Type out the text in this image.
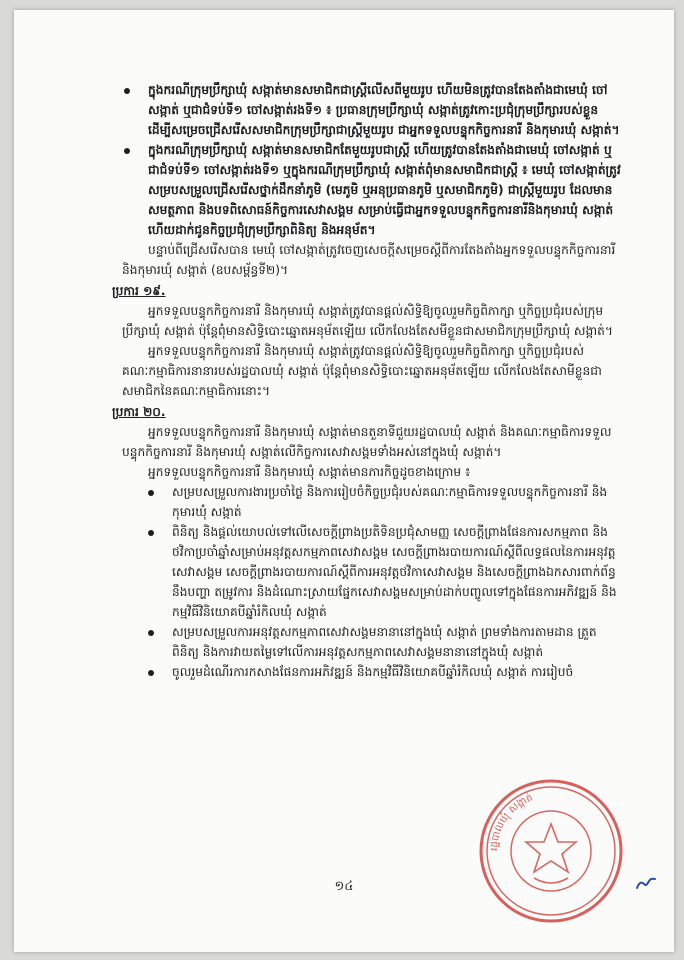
ក្នុងករណីក្រុមប្រឹក្សាឃុំ សង្កាត់មានសមាជិកជាស្ត្រីលើសពីមួយរូប ហើយមិនត្រូវបានតែងតាំងជាមេឃុំ ចៅសង្កាត់ ឬជាជំទប់ទី១ ចៅសង្កាត់រងទី១ ៖ ប្រធានក្រុមប្រឹក្សាឃុំ សង្កាត់ត្រូវកោះប្រជុំក្រុមប្រឹក្សារបស់ខ្លួន ដើម្បីសម្រេចជ្រើសរើសសមាជិកក្រុមប្រឹក្សាជាស្ត្រីមួយរូប ជាអ្នកទទួលបន្ទុកកិច្ចការនារី និងកុមារឃុំ សង្កាត់។

ក្នុងករណីក្រុមប្រឹក្សាឃុំ សង្កាត់មានសមាជិកតែមួយរូបជាស្ត្រី ហើយត្រូវបានតែងតាំងជាមេឃុំ ចៅសង្កាត់ ឬជាជំទប់ទី១ ចៅសង្កាត់រងទី១ ឬក្នុងករណីក្រុមប្រឹក្សាឃុំ សង្កាត់ពុំមានសមាជិកជាស្ត្រី ៖ មេឃុំ ចៅសង្កាត់ត្រូវសម្របសម្រួលជ្រើសរើសថ្នាក់ដឹកនាំភូមិ (មេភូមិ ឬអនុប្រធានភូមិ ឬសមាជិកភូមិ) ជាស្ត្រីមួយរូប ដែលមានសមត្ថភាព និងបទពិសោធន៍កិច្ចការសេវាសង្គម សម្រាប់ធ្វើជាអ្នកទទួលបន្ទុកកិច្ចការនារីនិងកុមារឃុំ សង្កាត់ ហើយដាក់ជូនកិច្ចប្រជុំក្រុមប្រឹក្សាពិនិត្យ និងអនុម័ត។

បន្ទាប់ពីជ្រើសរើសបាន មេឃុំ ចៅសង្កាត់ត្រូវចេញសេចក្តីសម្រេចស្តីពីការតែងតាំងអ្នកទទួលបន្ទុកកិច្ចការនារី និងកុមារឃុំ សង្កាត់ (ឧបសម្ព័ន្ធទី២)។

ប្រការ ១៩.

អ្នកទទួលបន្ទុកកិច្ចការនារី និងកុមារឃុំ សង្កាត់ត្រូវបានផ្តល់សិទ្ធិឱ្យចូលរួមកិច្ចពិភាក្សា ឬកិច្ចប្រជុំរបស់ក្រុមប្រឹក្សាឃុំ សង្កាត់ ប៉ុន្តែពុំមានសិទ្ធិបោះឆ្នោតអនុម័តឡើយ លើកលែងតែសមីខ្លួនជាសមាជិកក្រុមប្រឹក្សាឃុំ សង្កាត់។

អ្នកទទួលបន្ទុកកិច្ចការនារី និងកុមារឃុំ សង្កាត់ត្រូវបានផ្តល់សិទ្ធិឱ្យចូលរួមកិច្ចពិភាក្សា ឬកិច្ចប្រជុំរបស់គណៈកម្មាធិការនានារបស់រដ្ឋបាលឃុំ សង្កាត់ ប៉ុន្តែពុំមានសិទ្ធិបោះឆ្នោតអនុម័តឡើយ លើកលែងតែសាមីខ្លួនជាសមាជិកនៃគណៈកម្មាធិការនោះ។

ប្រការ ២០.

អ្នកទទួលបន្ទុកកិច្ចការនារី និងកុមារឃុំ សង្កាត់មានតួនាទីជួយរដ្ឋបាលឃុំ សង្កាត់ និងគណៈកម្មាធិការទទួលបន្ទុកកិច្ចការនារី និងកុមារឃុំ សង្កាត់លើកិច្ចការសេវាសង្គមទាំងអស់នៅក្នុងឃុំ សង្កាត់។

អ្នកទទួលបន្ទុកកិច្ចការនារី និងកុមារឃុំ សង្កាត់មានភារកិច្ចដូចខាងក្រោម ៖

សម្របសម្រួលការងារប្រចាំថ្ងៃ និងការរៀបចំកិច្ចប្រជុំរបស់គណៈកម្មាធិការទទួលបន្ទុកកិច្ចការនារី និងកុមារឃុំ សង្កាត់

ពិនិត្យ និងផ្តល់យោបល់ទៅលើសេចក្តីព្រាងប្រតិទិនប្រជុំសាមញ្ញ សេចក្តីព្រាងផែនការសកម្មភាព និងថវិកាប្រចាំឆ្នាំសម្រាប់អនុវត្តសកម្មភាពសេវាសង្គម សេចក្តីព្រាងរបាយការណ៍ស្តីពីលទ្ធផលនៃការអនុវត្តសេវាសង្គម សេចក្តីព្រាងរបាយការណ៍ស្តីពីការអនុវត្តថវិកាសេវាសង្គម និងសេចក្តីព្រាងឯកសារពាក់ព័ន្ធនឹងបញ្ហា តម្រូវការ និងដំណោះស្រាយផ្នែកសេវាសង្គមសម្រាប់ដាក់បញ្ចូលទៅក្នុងផែនការអភិវឌ្ឍន៍ និងកម្មវិធីវិនិយោគបីឆ្នាំរំកិលឃុំ សង្កាត់

សម្របសម្រួលការអនុវត្តសកម្មភាពសេវាសង្គមនានានៅក្នុងឃុំ សង្កាត់ ព្រមទាំងការតាមដាន ត្រួតពិនិត្យ និងការវាយតម្លៃទៅលើការអនុវត្តសកម្មភាពសេវាសង្គមនានានៅក្នុងឃុំ សង្កាត់

ចូលរួមដំណើរការកសាងផែនការអភិវឌ្ឍន៍ និងកម្មវិធីវិនិយោគបីឆ្នាំរំកិលឃុំ សង្កាត់ ការរៀបចំ

រដ្ឋបាលឃុំ សង្កាត់
១៤
